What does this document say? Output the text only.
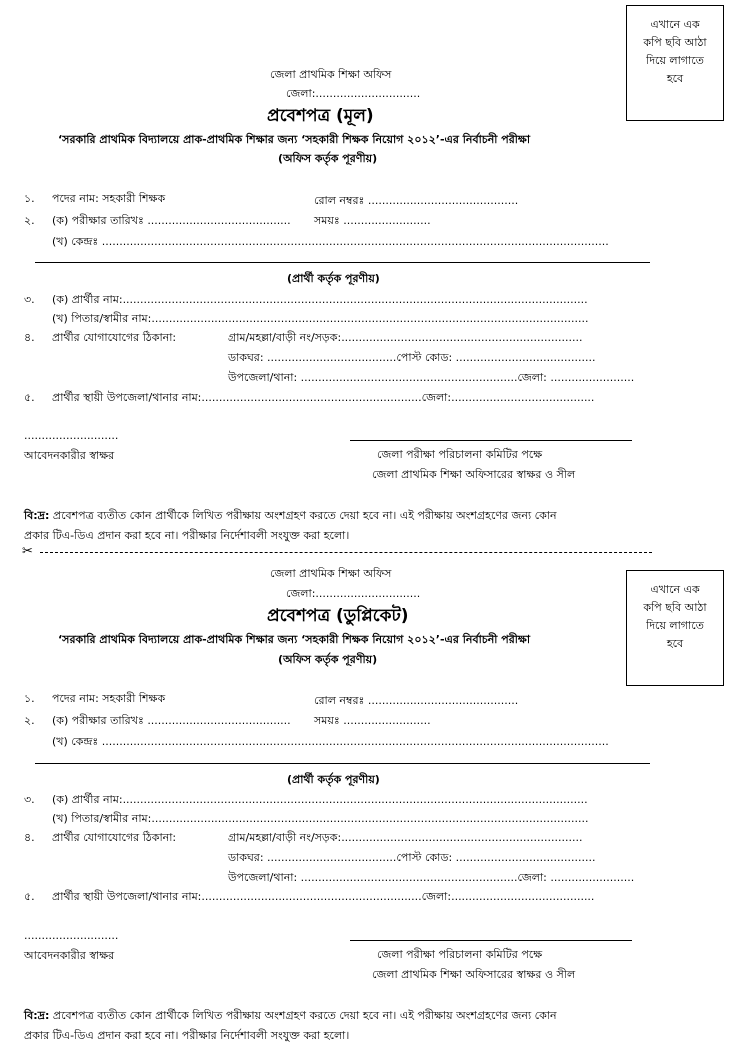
এখানে এক
কপি ছবি আঠা
দিয়ে লাগাতে
হবে
জেলা প্রাথমিক শিক্ষা অফিস
জেলা:..............................
প্রবেশপত্র (মূল)
‘সরকারি প্রাথমিক বিদ্যালয়ে প্রাক-প্রাথমিক শিক্ষার জন্য ‘সহকারী শিক্ষক নিয়োগ ২০১২’-এর নির্বাচনী পরীক্ষা
(অফিস কর্তৃক পূরণীয়)
১. পদের নাম: সহকারী শিক্ষক	রোল নম্বরঃ ...........................................
২. (ক) পরীক্ষার তারিখঃ ......................................... সময়ঃ .........................
(খ) কেন্দ্রঃ .................................................................................................................................................
(প্রার্থী কর্তৃক পূরণীয়)
৩. (ক) প্রার্থীর নাম:.....................................................................................................................................
(খ) পিতার/স্বামীর নাম:.............................................................................................................................
৪. প্রার্থীর যোগাযোগের ঠিকানা:	গ্রাম/মহল্লা/বাড়ী নং/সড়ক:.....................................................................
ডাকঘর: .....................................পোস্ট কোড: ........................................
উপজেলা/থানা: ..............................................................জেলা: ........................
৫. প্রার্থীর স্থায়ী উপজেলা/থানার নাম:...............................................................জেলা:.........................................
...........................
আবেদনকারীর স্বাক্ষর	জেলা পরীক্ষা পরিচালনা কমিটির পক্ষে
জেলা প্রাথমিক শিক্ষা অফিসারের স্বাক্ষর ও সীল
বি:দ্র: প্রবেশপত্র ব্যতীত কোন প্রার্থীকে লিখিত পরীক্ষায় অংশগ্রহণ করতে দেয়া হবে না। এই পরীক্ষায় অংশগ্রহণের জন্য কোন
প্রকার টিএ-ডিএ প্রদান করা হবে না। পরীক্ষার নির্দেশাবলী সংযুক্ত করা হলো।
✂
এখানে এক
কপি ছবি আঠা
দিয়ে লাগাতে
হবে
জেলা প্রাথমিক শিক্ষা অফিস
জেলা:..............................
প্রবেশপত্র (ডুপ্লিকেট)
‘সরকারি প্রাথমিক বিদ্যালয়ে প্রাক-প্রাথমিক শিক্ষার জন্য ‘সহকারী শিক্ষক নিয়োগ ২০১২’-এর নির্বাচনী পরীক্ষা
(অফিস কর্তৃক পূরণীয়)
১. পদের নাম: সহকারী শিক্ষক	রোল নম্বরঃ ...........................................
২. (ক) পরীক্ষার তারিখঃ ......................................... সময়ঃ .........................
(খ) কেন্দ্রঃ .................................................................................................................................................
(প্রার্থী কর্তৃক পূরণীয়)
৩. (ক) প্রার্থীর নাম:.....................................................................................................................................
(খ) পিতার/স্বামীর নাম:.............................................................................................................................
৪. প্রার্থীর যোগাযোগের ঠিকানা:	গ্রাম/মহল্লা/বাড়ী নং/সড়ক:.....................................................................
ডাকঘর: .....................................পোস্ট কোড: ........................................
উপজেলা/থানা: ..............................................................জেলা: ........................
৫. প্রার্থীর স্থায়ী উপজেলা/থানার নাম:...............................................................জেলা:.........................................
...........................
আবেদনকারীর স্বাক্ষর	জেলা পরীক্ষা পরিচালনা কমিটির পক্ষে
জেলা প্রাথমিক শিক্ষা অফিসারের স্বাক্ষর ও সীল
বি:দ্র: প্রবেশপত্র ব্যতীত কোন প্রার্থীকে লিখিত পরীক্ষায় অংশগ্রহণ করতে দেয়া হবে না। এই পরীক্ষায় অংশগ্রহণের জন্য কোন
প্রকার টিএ-ডিএ প্রদান করা হবে না। পরীক্ষার নির্দেশাবলী সংযুক্ত করা হলো।
